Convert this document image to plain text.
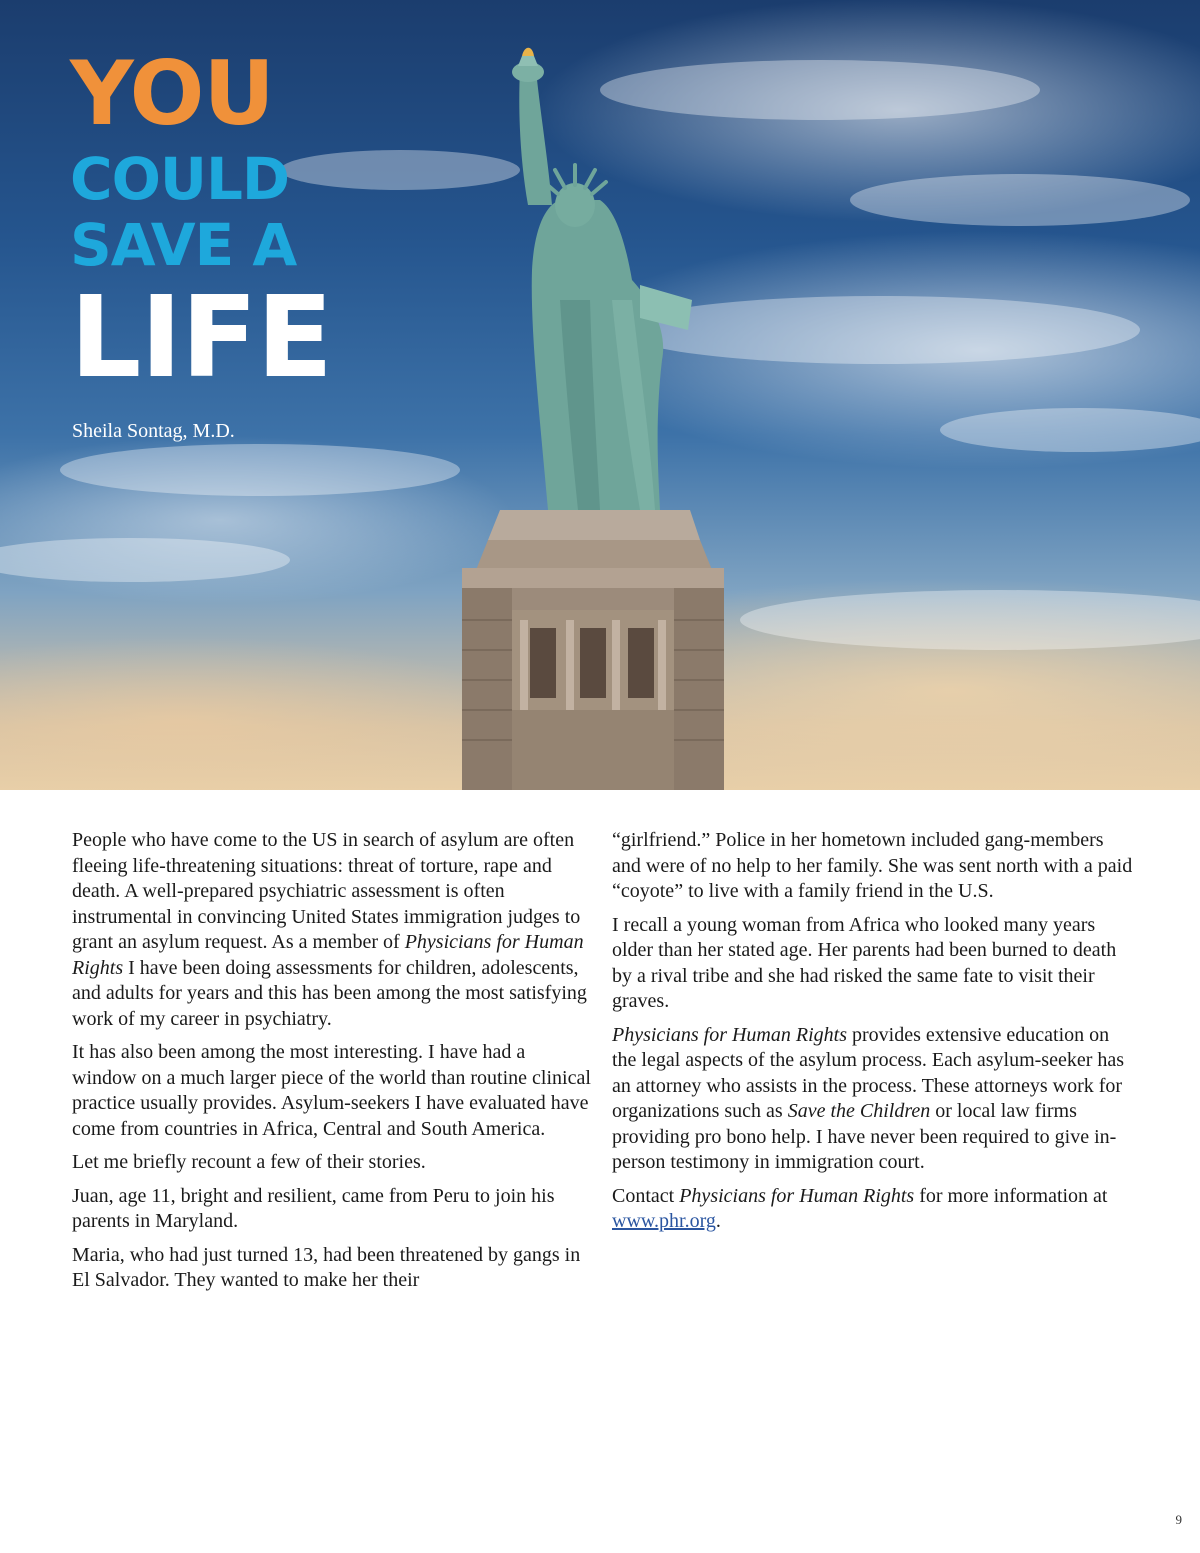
YOU
COULD
SAVE A
LIFE

Sheila Sontag, M.D.

People who have come to the US in search of asylum are often fleeing life-threatening situations: threat of torture, rape and death. A well-prepared psychiatric assessment is often instrumental in convincing United States immigration judges to grant an asylum request. As a member of Physicians for Human Rights I have been doing assessments for children, adolescents, and adults for years and this has been among the most satisfying work of my career in psychiatry.

It has also been among the most interesting. I have had a window on a much larger piece of the world than routine clinical practice usually provides. Asylum-seekers I have evaluated have come from countries in Africa, Central and South America.

Let me briefly recount a few of their stories.

Juan, age 11, bright and resilient, came from Peru to join his parents in Maryland.

Maria, who had just turned 13, had been threatened by gangs in El Salvador. They wanted to make her their

“girlfriend.” Police in her hometown included gang-members and were of no help to her family. She was sent north with a paid “coyote” to live with a family friend in the U.S.

I recall a young woman from Africa who looked many years older than her stated age. Her parents had been burned to death by a rival tribe and she had risked the same fate to visit their graves.

Physicians for Human Rights provides extensive education on the legal aspects of the asylum process. Each asylum-seeker has an attorney who assists in the process. These attorneys work for organizations such as Save the Children or local law firms providing pro bono help. I have never been required to give in-person testimony in immigration court.

Contact Physicians for Human Rights for more information at www.phr.org.

9
